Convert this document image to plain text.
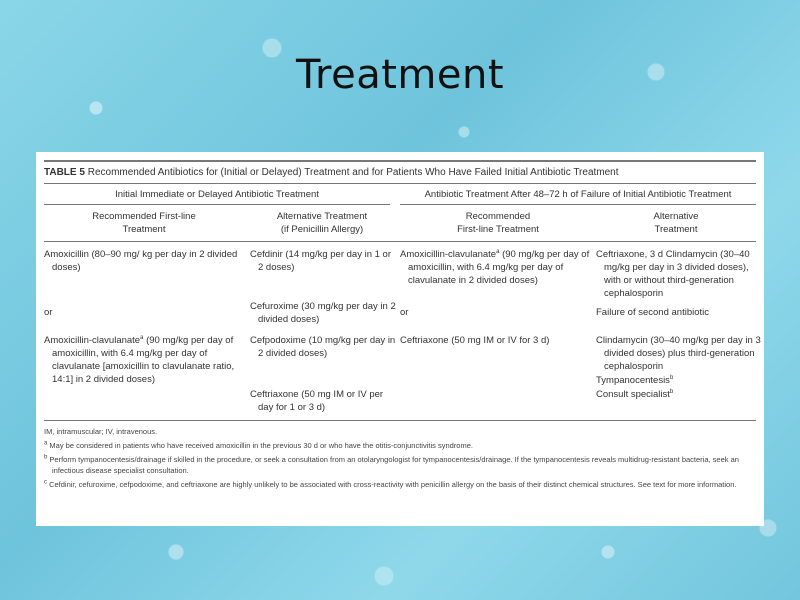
Treatment
TABLE 5 Recommended Antibiotics for (Initial or Delayed) Treatment and for Patients Who Have Failed Initial Antibiotic Treatment
Initial Immediate or Delayed Antibiotic Treatment	Antibiotic Treatment After 48–72 h of Failure of Initial Antibiotic Treatment
Recommended First-line
Treatment
Alternative Treatment
(if Penicillin Allergy)
Recommended
First-line Treatment
Alternative
Treatment
Amoxicillin (80–90 mg/ kg per day in 2 divided doses)
or
Amoxicillin-clavulanate$^a$ (90 mg/kg per day of amoxicillin, with 6.4 mg/kg per day of clavulanate [amoxicillin to clavulanate ratio, 14:1] in 2 divided doses)
Cefdinir (14 mg/kg per day in 1 or 2 doses)
Cefuroxime (30 mg/kg per day in 2 divided doses)
Cefpodoxime (10 mg/kg per day in 2 divided doses)
Ceftriaxone (50 mg IM or IV per day for 1 or 3 d)
Amoxicillin-clavulanate$^a$ (90 mg/kg per day of amoxicillin, with 6.4 mg/kg per day of clavulanate in 2 divided doses)
or
Ceftriaxone (50 mg IM or IV for 3 d)
Ceftriaxone, 3 d Clindamycin (30–40 mg/kg per day in 3 divided doses), with or without third-generation cephalosporin
Failure of second antibiotic
Clindamycin (30–40 mg/kg per day in 3 divided doses) plus third-generation cephalosporin
Tympanocentesis$^b$
Consult specialist$^b$

IM, intramuscular; IV, intravenous.

$^a$ May be considered in patients who have received amoxicillin in the previous 30 d or who have the otitis-conjunctivitis syndrome.

$^b$ Perform tympanocentesis/drainage if skilled in the procedure, or seek a consultation from an otolaryngologist for tympanocentesis/drainage. If the tympanocentesis reveals multidrug-resistant bacteria, seek an infectious disease specialist consultation.

$^c$ Cefdinir, cefuroxime, cefpodoxime, and ceftriaxone are highly unlikely to be associated with cross-reactivity with penicillin allergy on the basis of their distinct chemical structures. See text for more information.
